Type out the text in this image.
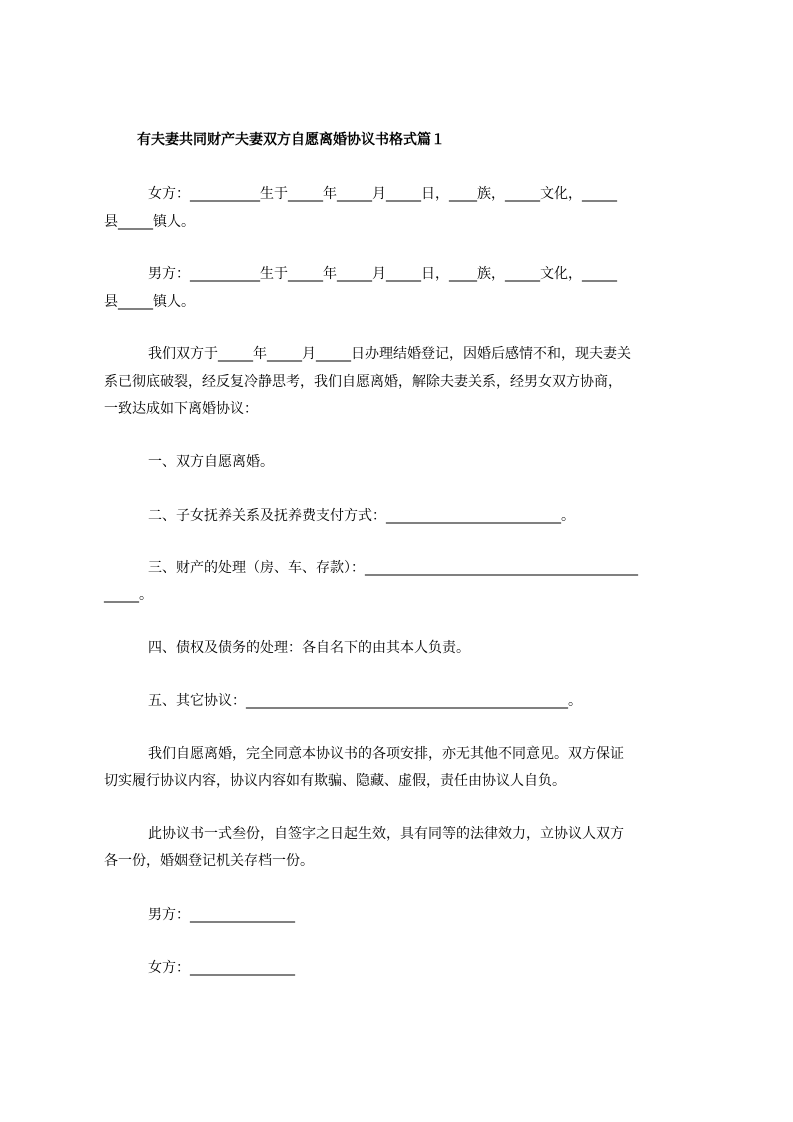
有夫妻共同财产夫妻双方自愿离婚协议书格式篇１
女方：__________生于_____年_____月_____日，____族，_____文化，_____
县_____镇人。
男方：__________生于_____年_____月_____日，____族，_____文化，_____
县_____镇人。
我们双方于_____年_____月_____日办理结婚登记，因婚后感情不和，现夫妻关
系已彻底破裂，经反复冷静思考，我们自愿离婚，解除夫妻关系，经男女双方协商，
一致达成如下离婚协议：
一、双方自愿离婚。
二、子女抚养关系及抚养费支付方式：_________________________。
三、财产的处理（房、车、存款）：_______________________________________
_____。
四、债权及债务的处理：各自名下的由其本人负责。
五、其它协议：______________________________________________。
我们自愿离婚，完全同意本协议书的各项安排，亦无其他不同意见。双方保证
切实履行协议内容，协议内容如有欺骗、隐藏、虚假，责任由协议人自负。
此协议书一式叁份，自签字之日起生效，具有同等的法律效力，立协议人双方
各一份，婚姻登记机关存档一份。
男方：_______________
女方：_______________
